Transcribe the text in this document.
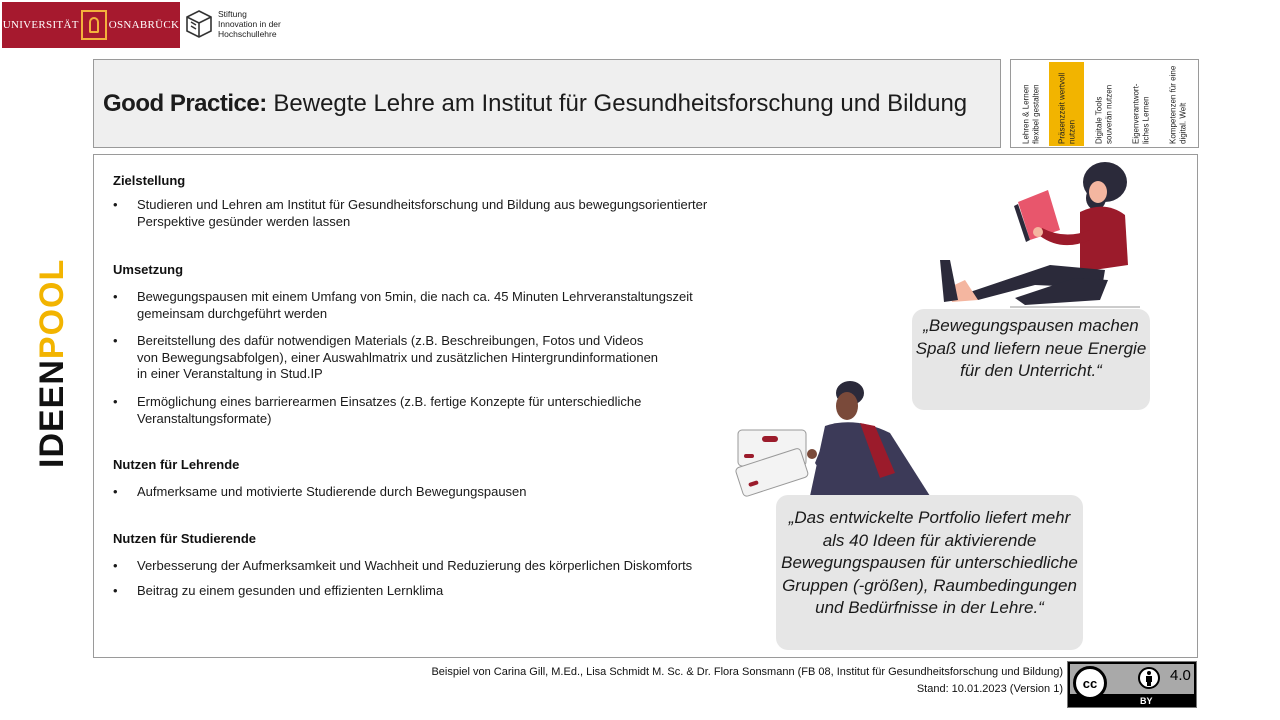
UNIVERSITÄT	OSNABRÜCK
Stiftung
Innovation in der
Hochschullehre
Good Practice: Bewegte Lehre am Institut für Gesundheitsforschung und Bildung	Lehren & Lernen flexibel gestalten Präsenzzeit wertvoll nutzen Digitale Tools souverän nutzen Eigenverantwort-liches Lernen Kompetenzen für eine digital. Welt
Zielstellung
• Studieren und Lehren am Institut für Gesundheitsforschung und Bildung aus bewegungsorientierter
Perspektive gesünder werden lassen
Umsetzung
• Bewegungspausen mit einem Umfang von 5min, die nach ca. 45 Minuten Lehrveranstaltungszeit
gemeinsam durchgeführt werden
• Bereitstellung des dafür notwendigen Materials (z.B. Beschreibungen, Fotos und Videos
von Bewegungsabfolgen), einer Auswahlmatrix und zusätzlichen Hintergrundinformationen
in einer Veranstaltung in Stud.IP
• Ermöglichung eines barrierearmen Einsatzes (z.B. fertige Konzepte für unterschiedliche
Veranstaltungsformate)
Nutzen für Lehrende
• Aufmerksame und motivierte Studierende durch Bewegungspausen
Nutzen für Studierende
• Verbesserung der Aufmerksamkeit und Wachheit und Reduzierung des körperlichen Diskomforts
• Beitrag zu einem gesunden und effizienten Lernklima
IDEENPOOL	„Bewegungspausen machen Spaß und liefern neue Energie für den Unterricht.“
„Das entwickelte Portfolio liefert mehr als 40 Ideen für aktivierende Bewegungspausen für unterschiedliche Gruppen (-größen), Raumbedingungen und Bedürfnisse in der Lehre.“
Beispiel von Carina Gill, M.Ed., Lisa Schmidt M. Sc. & Dr. Flora Sonsmann (FB 08, Institut für Gesundheitsforschung und Bildung)
Stand: 10.01.2023 (Version 1)	cc	4.0
BY
